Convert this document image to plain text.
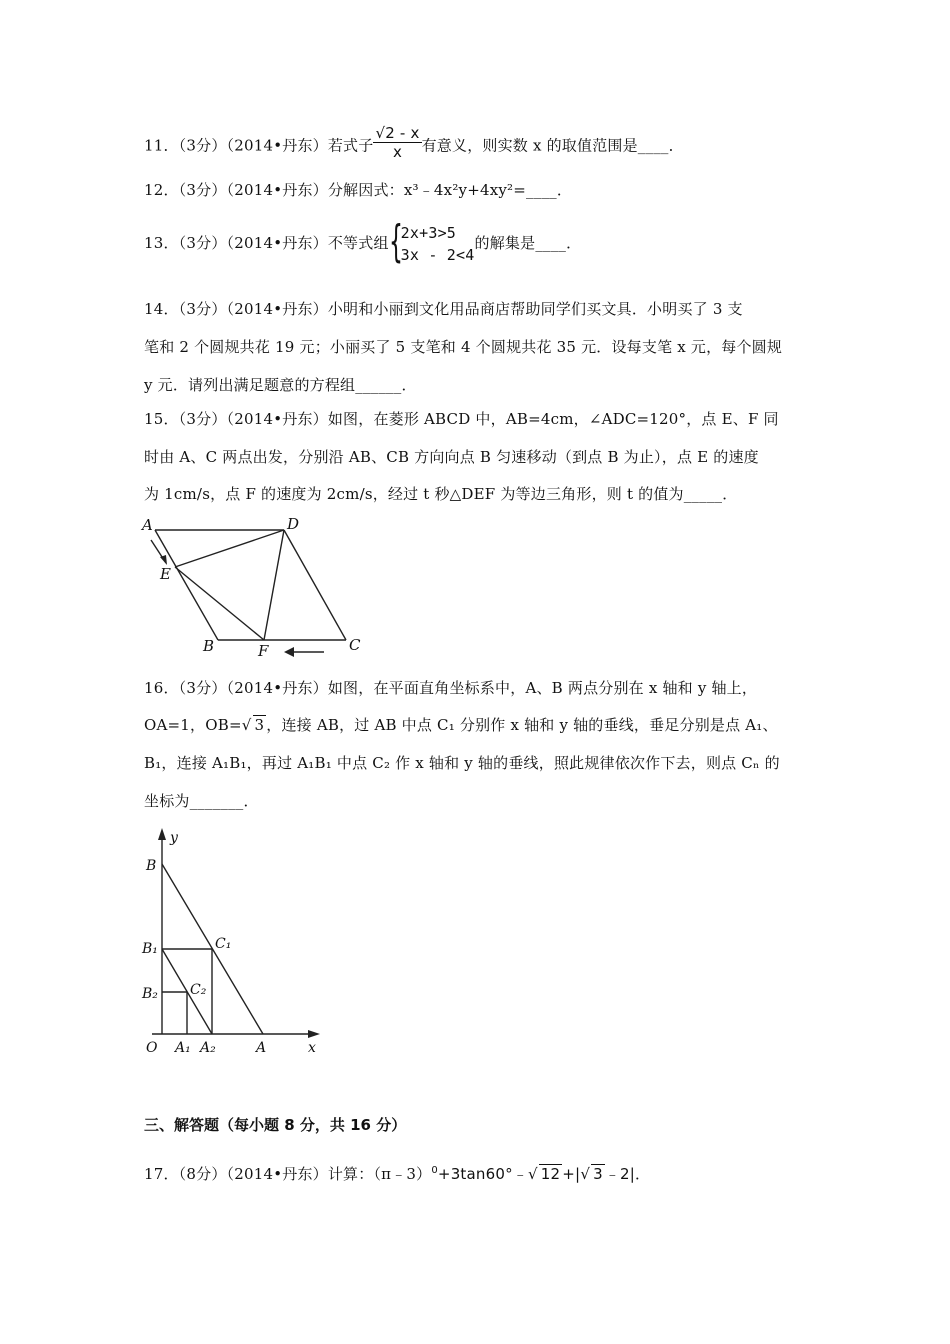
11．（3分）（2014•丹东）若式子 $\frac{√2 - x}{x}$ 有意义，则实数 x 的取值范围是____．
12．（3分）（2014•丹东）分解因式：x³﹣4x²y+4xy²=____．
13．（3分）（2014•丹东）不等式组 {
2x+3>5
3x - 2<4
的解集是____．
14．（3分）（2014•丹东）小明和小丽到文化用品商店帮助同学们买文具．小明买了 3 支
笔和 2 个圆规共花 19 元；小丽买了 5 支笔和 4 个圆规共花 35 元．设每支笔 x 元，每个圆规
y 元．请列出满足题意的方程组______．
15．（3分）（2014•丹东）如图，在菱形 ABCD 中，AB=4cm，∠ADC=120°，点 E、F 同
时由 A、C 两点出发，分别沿 AB、CB 方向向点 B 匀速移动（到点 B 为止），点 E 的速度
为 1cm/s，点 F 的速度为 2cm/s，经过 t 秒△DEF 为等边三角形，则 t 的值为_____．
A	D
E
B	F	C
16．（3分）（2014•丹东）如图，在平面直角坐标系中，A、B 两点分别在 x 轴和 y 轴上，
OA=1，OB=√ 3 ，连接 AB，过 AB 中点 C₁ 分别作 x 轴和 y 轴的垂线，垂足分别是点 A₁、
B₁，连接 A₁B₁，再过 A₁B₁ 中点 C₂ 作 x 轴和 y 轴的垂线，照此规律依次作下去，则点 Cₙ 的
坐标为_______．
y
B
B₁	C₁
B₂ C₂
O A₁ A₂	A	x
三、解答题（每小题 8 分，共 16 分）
17．（8分）（2014•丹东）计算：（π﹣3）$^0$+3tan60°﹣√ 12 +|√ 3 ﹣2|．
